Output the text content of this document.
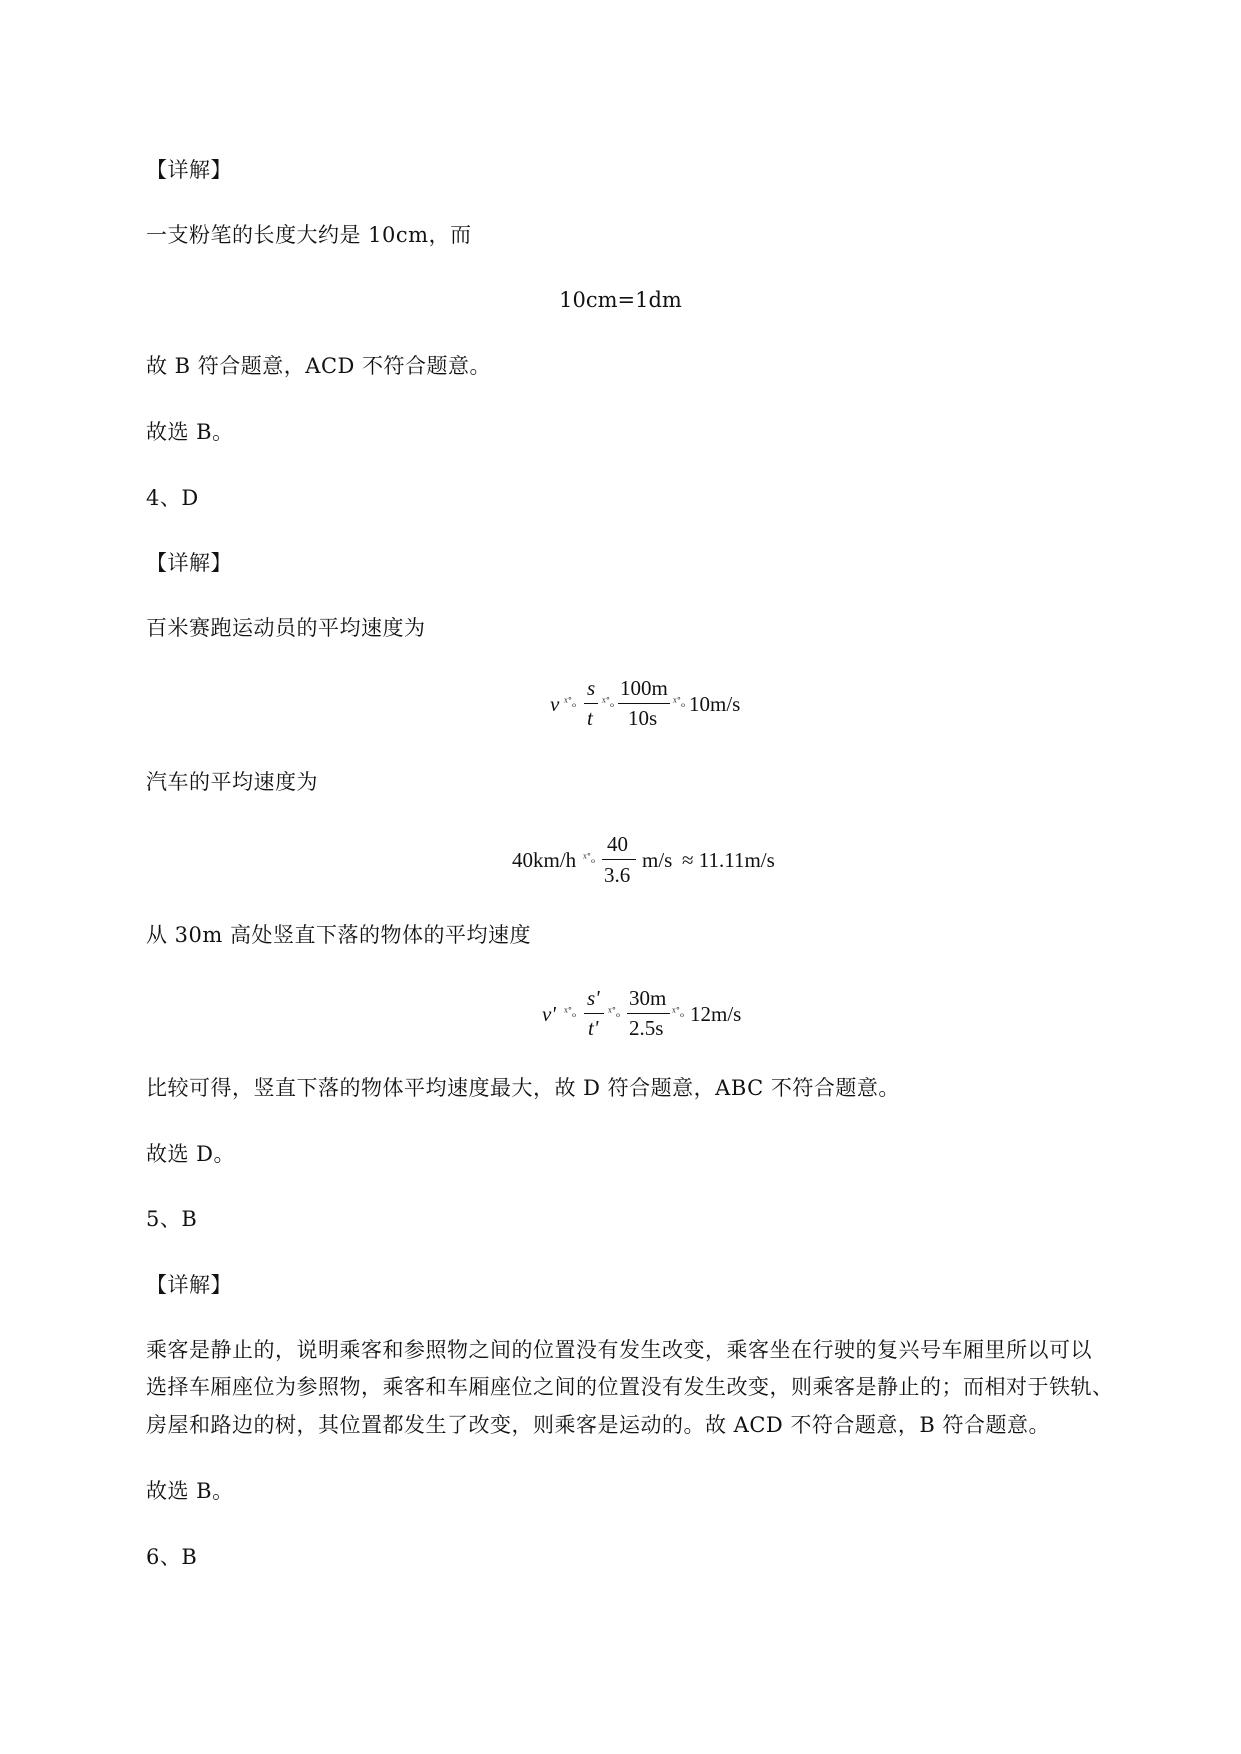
【详解】
一支粉笔的长度大约是 10cm，而
10cm=1dm
故 B 符合题意，ACD 不符合题意。
故选 B。
4、D
【详解】
百米赛跑运动员的平均速度为
v ˣ˚ₒ
s
t
ˣ˚ₒ
100m
10s
ˣ˚ₒ 10m/s
汽车的平均速度为
40km/h ˣ˚ₒ
40
3.6
m/s ≈ 11.11m/s
从 30m 高处竖直下落的物体的平均速度
v' ˣ˚ₒ
s'
t'
ˣ˚ₒ
30m
2.5s
ˣ˚ₒ 12m/s
比较可得，竖直下落的物体平均速度最大，故 D 符合题意，ABC 不符合题意。
故选 D。
5、B
【详解】
乘客是静止的，说明乘客和参照物之间的位置没有发生改变，乘客坐在行驶的复兴号车厢里所以可以
选择车厢座位为参照物，乘客和车厢座位之间的位置没有发生改变，则乘客是静止的；而相对于铁轨、
房屋和路边的树，其位置都发生了改变，则乘客是运动的。故 ACD 不符合题意，B 符合题意。
故选 B。
6、B
